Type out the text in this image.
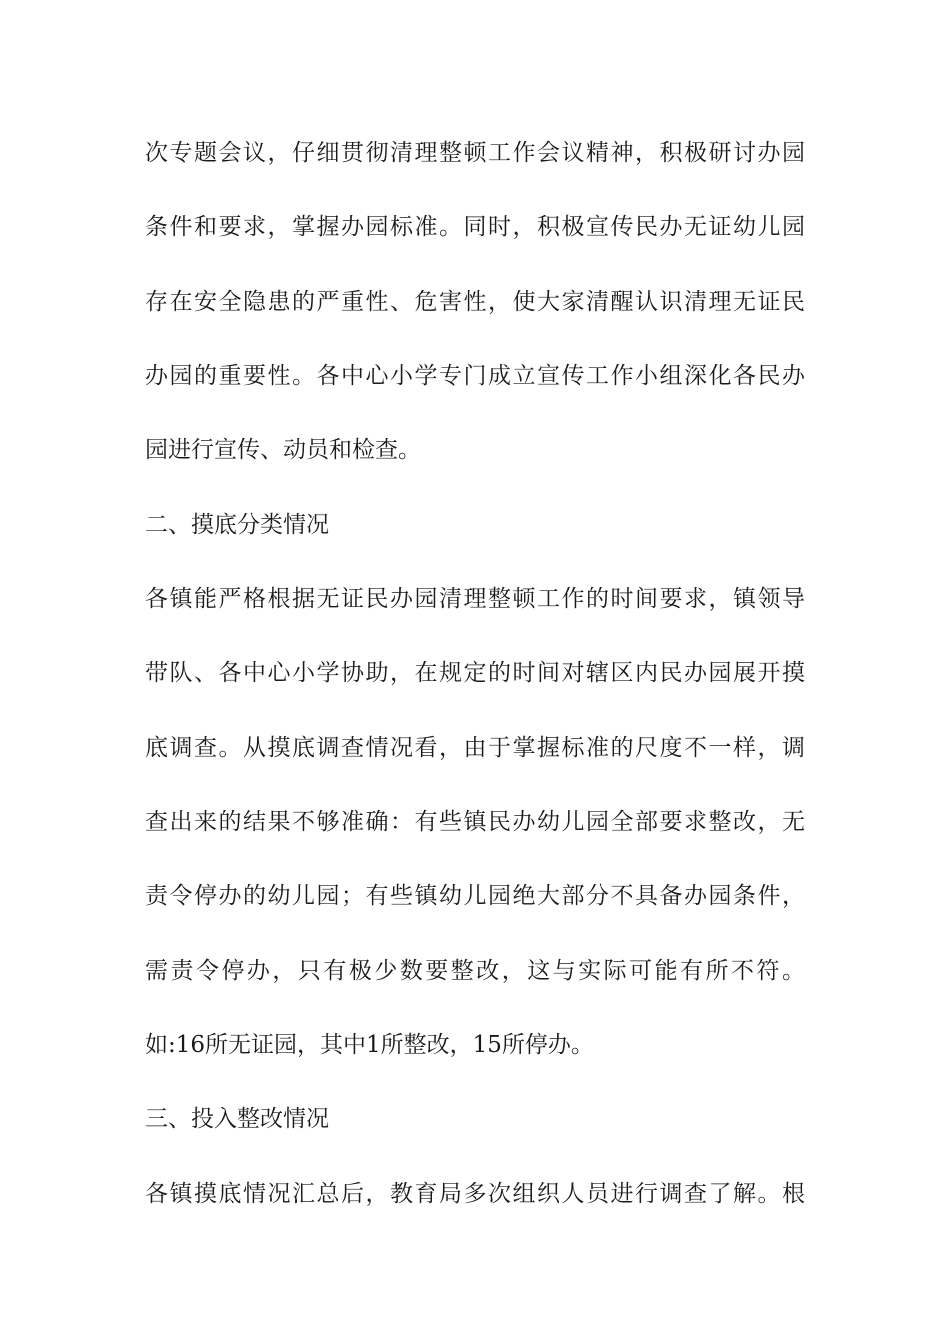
次专题会议，仔细贯彻清理整顿工作会议精神，积极研讨办园
条件和要求，掌握办园标准。同时，积极宣传民办无证幼儿园
存在安全隐患的严重性、危害性，使大家清醒认识清理无证民
办园的重要性。各中心小学专门成立宣传工作小组深化各民办
园进行宣传、动员和检查。
二、摸底分类情况
各镇能严格根据无证民办园清理整顿工作的时间要求，镇领导
带队、各中心小学协助，在规定的时间对辖区内民办园展开摸
底调查。从摸底调查情况看，由于掌握标准的尺度不一样，调
查出来的结果不够准确：有些镇民办幼儿园全部要求整改，无
责令停办的幼儿园；有些镇幼儿园绝大部分不具备办园条件，
需责令停办，只有极少数要整改，这与实际可能有所不符。
如:16所无证园，其中1所整改，15所停办。
三、投入整改情况
各镇摸底情况汇总后，教育局多次组织人员进行调查了解。根
